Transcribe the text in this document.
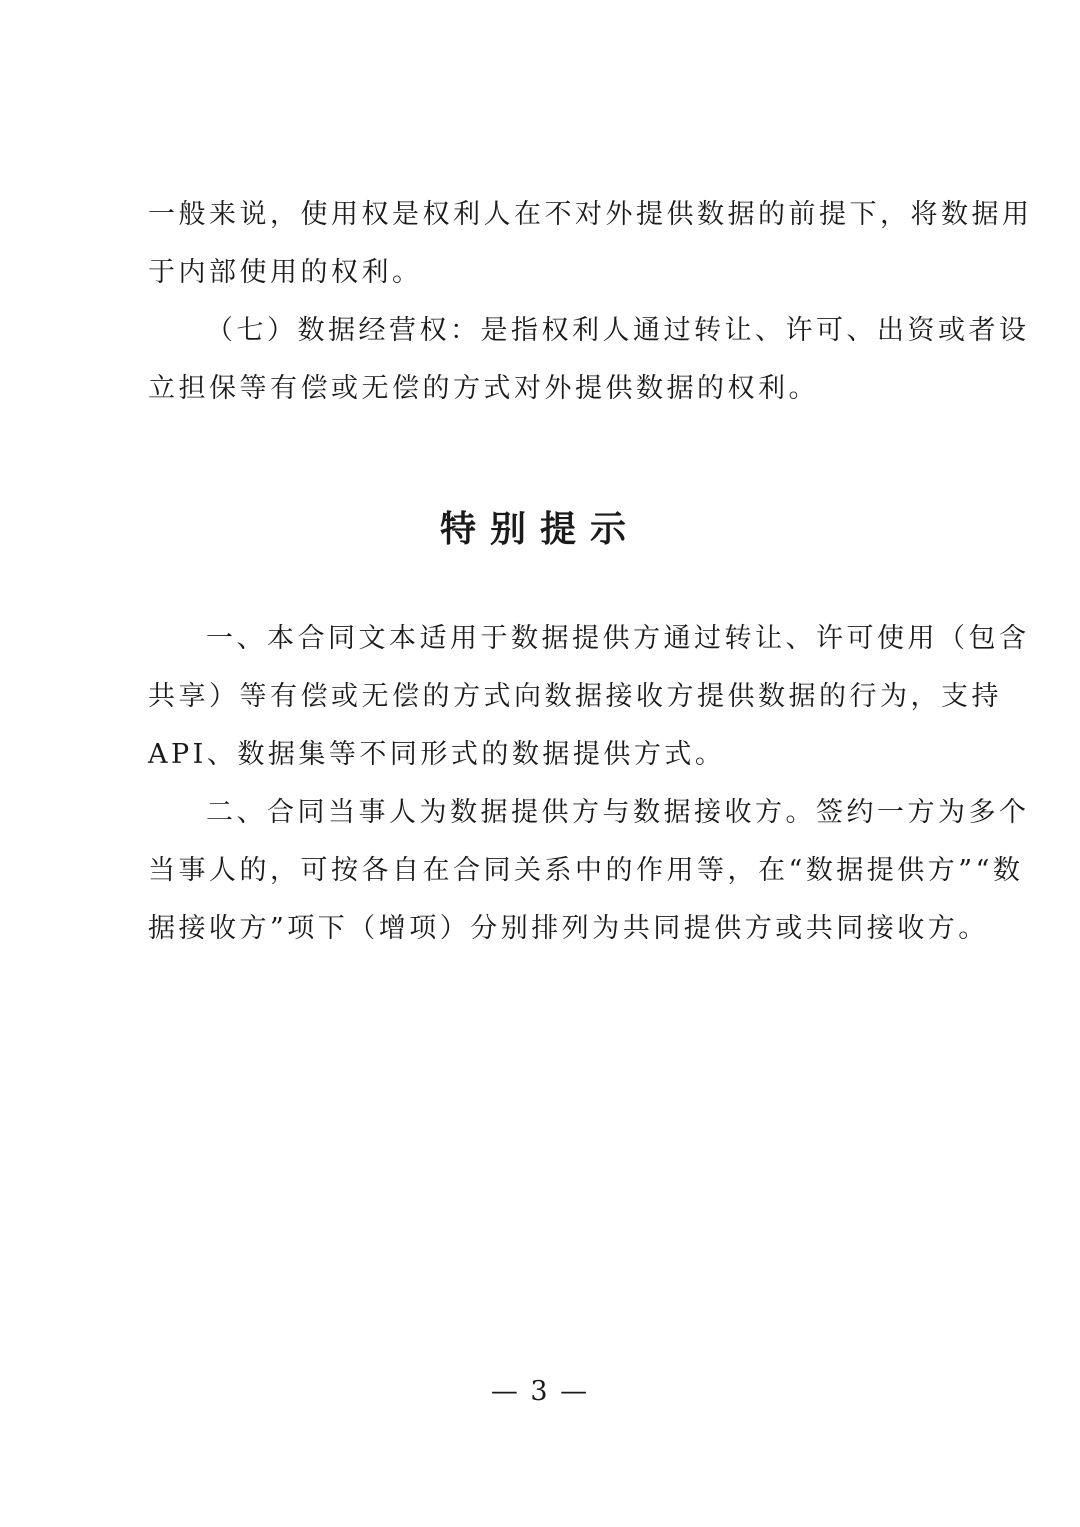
一般来说，使用权是权利人在不对外提供数据的前提下，将数据用
于内部使用的权利。
（七）数据经营权：是指权利人通过转让、许可、出资或者设
立担保等有偿或无偿的方式对外提供数据的权利。
特别提示
一、本合同文本适用于数据提供方通过转让、许可使用（包含
共享）等有偿或无偿的方式向数据接收方提供数据的行为，支持
API、数据集等不同形式的数据提供方式。
二、合同当事人为数据提供方与数据接收方。签约一方为多个
当事人的，可按各自在合同关系中的作用等，在“数据提供方”“数
据接收方”项下（增项）分别排列为共同提供方或共同接收方。
— 3 —
